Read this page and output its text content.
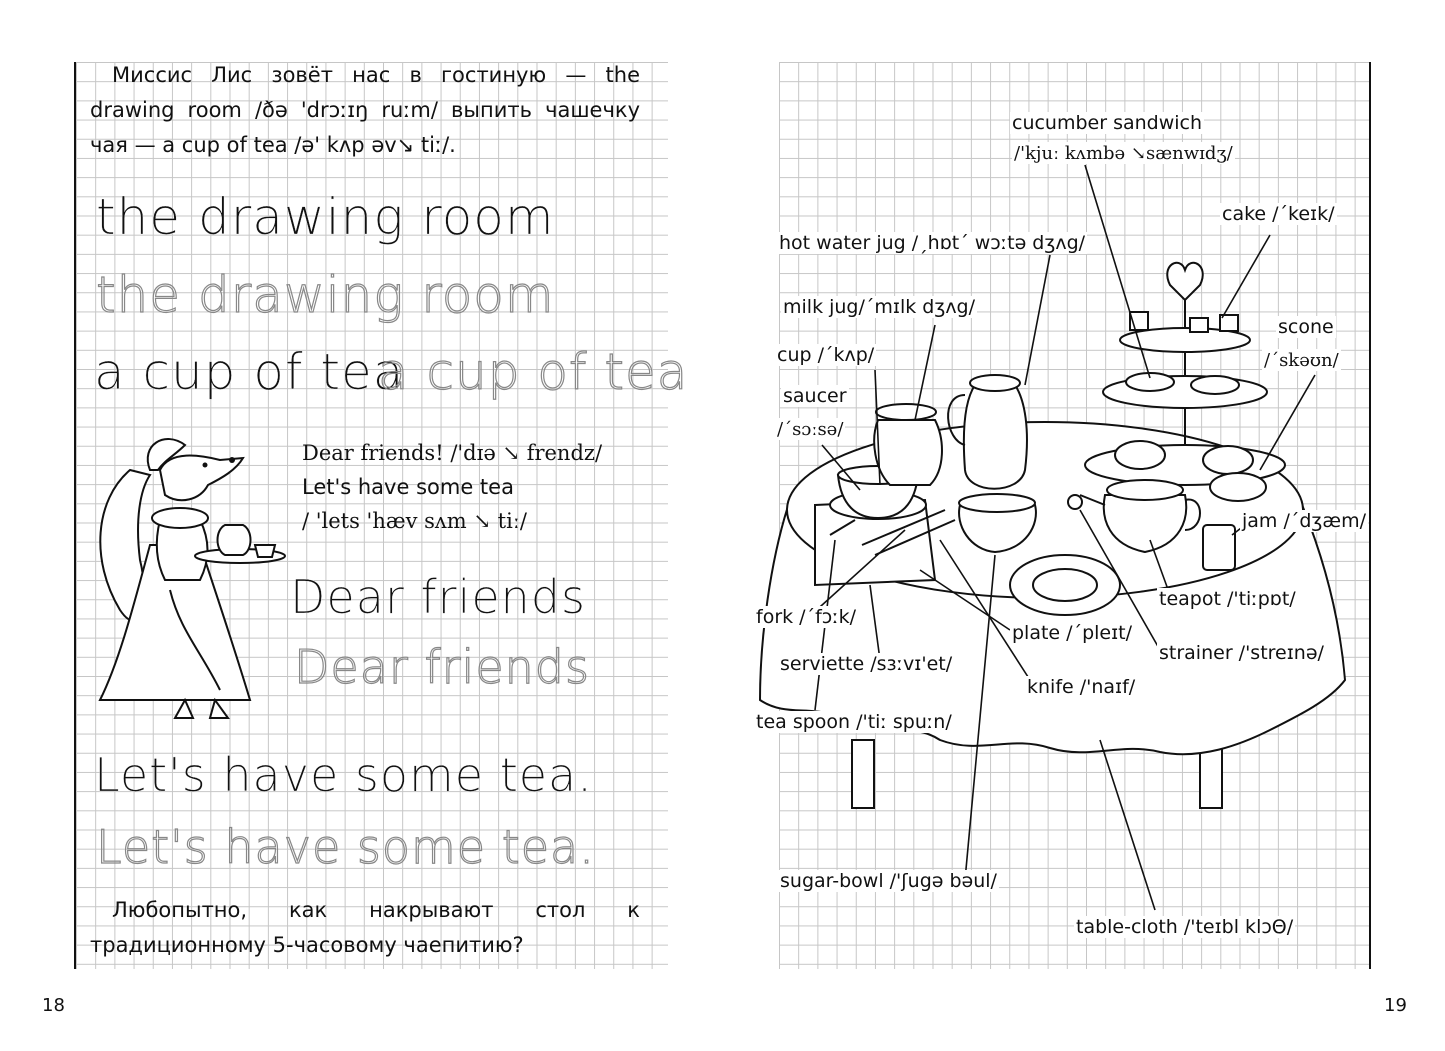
Миссис Лис зовёт нас в гостиную — the drawing room /ðə 'drɔːɪŋ ruːm/ выпить чашечку чая — a cup of tea /ə' kʌp əv↘ tiː/.
the drawing room
the drawing room
a cup of tea
a cup of tea
Dear friends! /'dɪə ↘ frendz/
Let's have some tea
/ 'lets 'hæv sʌm ↘ tiː/
Dear friends
Dear friends
Let's have some tea.
Let's have some tea.
Любопытно, как накрывают стол к традиционному 5-часовому чаепитию?
18
cucumber sandwich
/'kjuː kʌmbə ↘sænwɪdʒ/
cake /ˊkeɪk/
hot water jug /ˏhɒtˊ wɔːtə dʒʌg/
milk jug/ˊmɪlk dʒʌg/
scone
/ˊskəʊn/
cup /ˊkʌp/
saucer
/ˊsɔːsə/
jam /ˊdʒæm/
teapot /'tiːpɒt/
fork /ˊfɔːk/
plate /ˊpleɪt/
strainer /'streɪnə/
serviette /sɜːvɪ'et/
knife /'naɪf/
tea spoon /'tiː spuːn/
sugar-bowl /'ʃugə bəul/
table-cloth /'teɪbl klɔΘ/
19
